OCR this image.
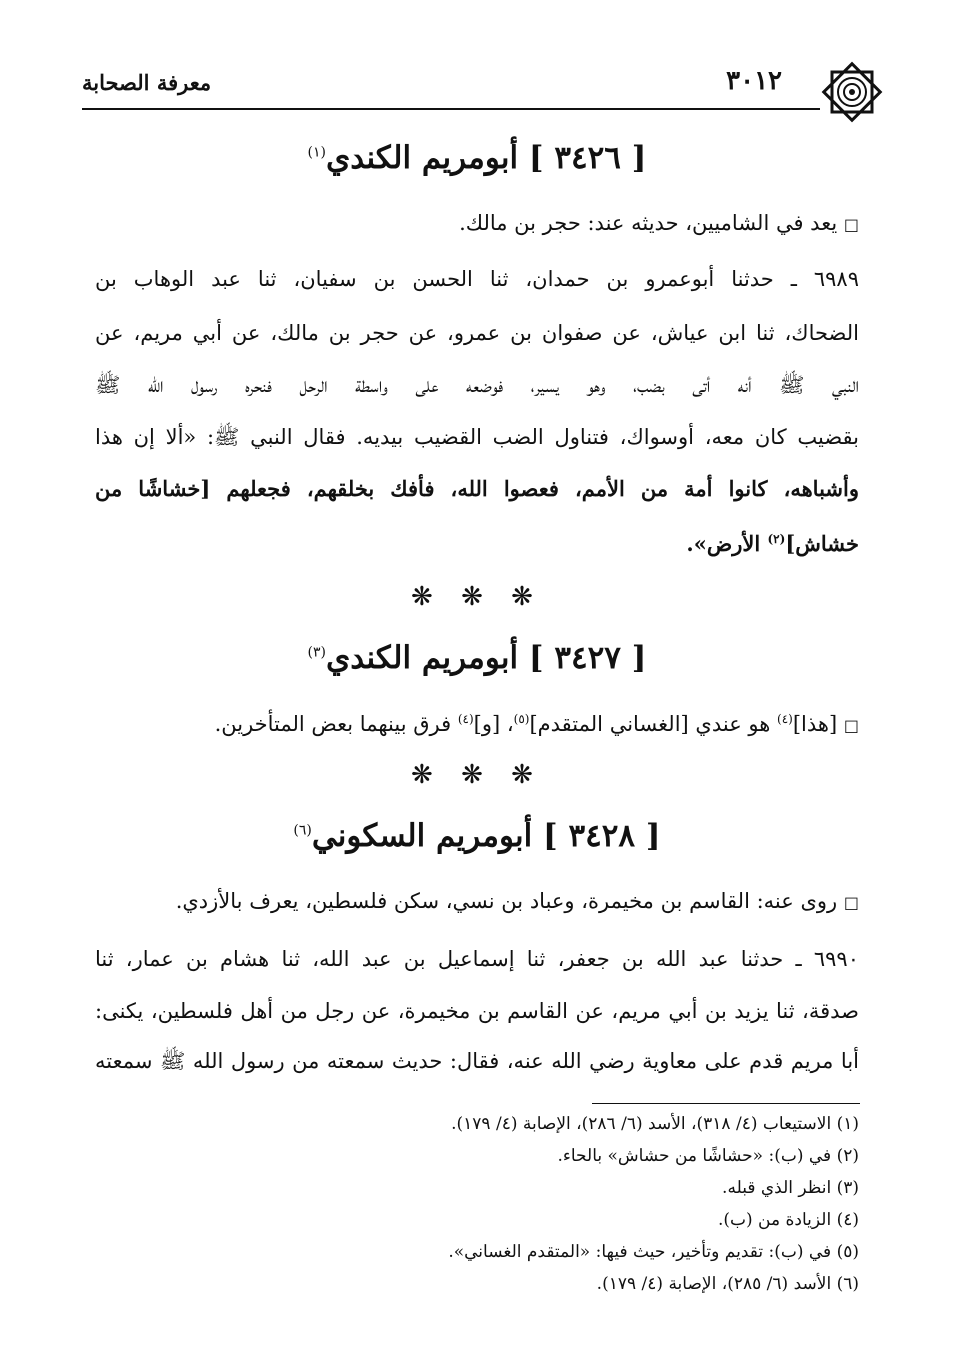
٣٠١٢
معرفة الصحابة
[ ٣٤٢٦ ] أبومريم الكندي$^{(١)}$
□ يعد في الشاميين، حديثه عند: حجر بن مالك.
٦٩٨٩ ـ حدثنا أبوعمرو بن حمدان، ثنا الحسن بن سفيان، ثنا عبد الوهاب بن
الضحاك، ثنا ابن عياش، عن صفوان بن عمرو، عن حجر بن مالك، عن أبي مريم، عن
النبي ﷺ أنه أتى بضب، وهو يسير، فوضعه على واسطة الرحل فنحره رسول الله ﷺ
بقضيب كان معه، أوسواك، فتناول الضب القضيب بيديه. فقال النبي ﷺ: «ألا إن هذا
وأشباهه، كانوا أمة من الأمم، فعصوا الله، فأفك بخلقهم، فجعلهم [خشاشًا من
خشاش]$^{(٢)}$ الأرض».
❋ ❋ ❋
[ ٣٤٢٧ ] أبومريم الكندي$^{(٣)}$
□ [هذا]$^{(٤)}$ هو عندي [الغساني المتقدم]$^{(٥)}$، [و]$^{(٤)}$ فرق بينهما بعض المتأخرين.
❋ ❋ ❋
[ ٣٤٢٨ ] أبومريم السكوني$^{(٦)}$
□ روى عنه: القاسم بن مخيمرة، وعباد بن نسي، سكن فلسطين، يعرف بالأزدي.
٦٩٩٠ ـ حدثنا عبد الله بن جعفر، ثنا إسماعيل بن عبد الله، ثنا هشام بن عمار، ثنا
صدقة، ثنا يزيد بن أبي مريم، عن القاسم بن مخيمرة، عن رجل من أهل فلسطين، يكنى:
أبا مريم قدم على معاوية رضي الله عنه، فقال: حديث سمعته من رسول الله ﷺ سمعته
(١) الاستيعاب (٤/ ٣١٨)، الأسد (٦/ ٢٨٦)، الإصابة (٤/ ١٧٩).
(٢) في (ب): «حشاشًا من حشاش» بالحاء.
(٣) انظر الذي قبله.
(٤) الزيادة من (ب).
(٥) في (ب): تقديم وتأخير، حيث فيها: «المتقدم الغساني».
(٦) الأسد (٦/ ٢٨٥)، الإصابة (٤/ ١٧٩).
